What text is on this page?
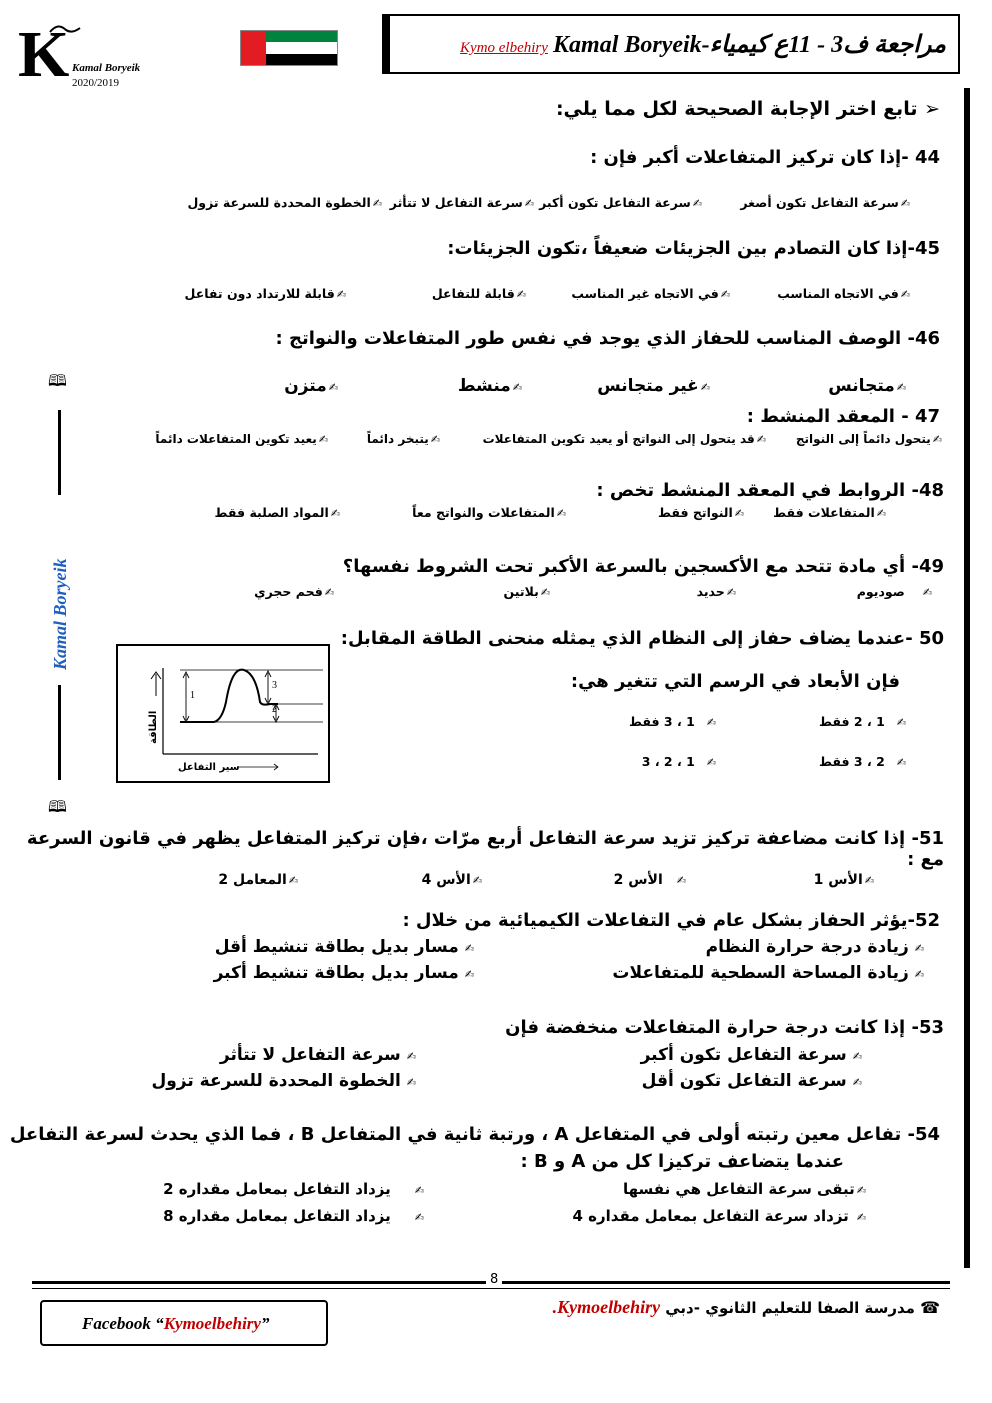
K Kamal Boryeik
2020/2019
Kymo elbehiry Kamal Boryeik-مراجعة ف3 - 11ع كيمياء
🕮
Kamal Boryeik
🕮
➢ تابع اختر الإجابة الصحيحة لكل مما يلي:
44 -إذا كان تركيز المتفاعلات أكبر فإن :
✍سرعة التفاعل تكون أصغر
✍سرعة التفاعل تكون أكبر
✍سرعة التفاعل لا تتأثر
✍الخطوة المحددة للسرعة تزول
45-إذا كان التصادم بين الجزيئات ضعيفاً ،تكون الجزيئات:
✍في الاتجاه المناسب
✍في الاتجاه غير المناسب
✍قابلة للتفاعل
✍قابلة للارتداد دون تفاعل
46- الوصف المناسب للحفاز الذي يوجد في نفس طور المتفاعلات والنواتج :
✍متجانس
✍غير متجانس
✍منشط
✍متزن
47 - المعقد المنشط :
✍يتحول دائماً إلى النواتج
✍قد يتحول إلى النواتج أو يعيد تكوين المتفاعلات
✍يتبخر دائماً
✍يعيد تكوين المتفاعلات دائماً
48- الروابط في المعقد المنشط تخص :
✍المتفاعلات فقط
✍النواتج فقط
✍المتفاعلات والنواتج معاً
✍المواد الصلبة فقط
49- أي مادة تتحد مع الأكسجين بالسرعة الأكبر تحت الشروط نفسها؟
✍صوديوم
✍حديد
✍بلاتين
✍فحم حجري
50 -عندما يضاف حفاز إلى النظام الذي يمثله منحنى الطاقة المقابل:
فإن الأبعاد في الرسم التي تتغير هي:
✍1 ، 2 فقط
✍1 ، 3 فقط
✍2 ، 3 فقط
✍1 ، 2 ، 3
1
2
3
الطاقة
سير التفاعل
51- إذا كانت مضاعفة تركيز تزيد سرعة التفاعل أربع مرّات ،فإن تركيز المتفاعل يظهر في قانون السرعة مع :
✍الأس 1
✍الأس 2
✍الأس 4
✍المعامل 2
52-يؤثر الحفاز بشكل عام في التفاعلات الكيميائية من خلال :
✍زيادة درجة حرارة النظام
✍مسار بديل بطاقة تنشيط أقل
✍زيادة المساحة السطحية للمتفاعلات
✍مسار بديل بطاقة تنشيط أكبر
53- إذا كانت درجة حرارة المتفاعلات منخفضة فإن
✍سرعة التفاعل تكون أكبر
✍سرعة التفاعل لا تتأثر
✍سرعة التفاعل تكون أقل
✍الخطوة المحددة للسرعة تزول
54- تفاعل معين رتبته أولى في المتفاعل A ، ورتبة ثانية في المتفاعل B ، فما الذي يحدث لسرعة التفاعل
عندما يتضاعف تركيزا كل من A و B :
✍تبقى سرعة التفاعل هي نفسها
✍يزداد التفاعل بمعامل مقداره 2
✍تزداد سرعة التفاعل بمعامل مقداره 4
✍يزداد التفاعل بمعامل مقداره 8
8
Facebook “Kymoelbehiry”
☎ مدرسة الصفا للتعليم الثانوي -دبي Kymoelbehiry.
